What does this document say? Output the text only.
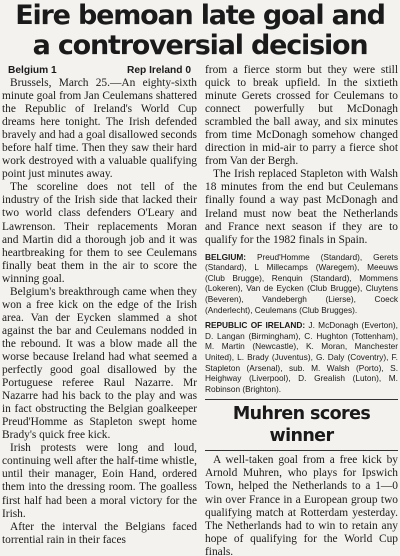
Eire bemoan late goal and
a controversial decision
Belgium 1	Rep Ireland 0

Brussels, March 25.—An eighty-sixth minute goal from Jan Ceulemans shattered the Republic of Ireland's World Cup dreams here tonight. The Irish defended bravely and had a goal disallowed seconds before half time. Then they saw their hard work destroyed with a valuable qualifying point just minutes away.

The scoreline does not tell of the industry of the Irish side that lacked their two world class defenders O'Leary and Lawrenson. Their replacements Moran and Martin did a thorough job and it was heartbreaking for them to see Ceulemans finally beat them in the air to score the winning goal.

Belgium's breakthrough came when they won a free kick on the edge of the Irish area. Van der Eycken slammed a shot against the bar and Ceulemans nodded in the rebound. It was a blow made all the worse because Ireland had what seemed a perfectly good goal disallowed by the Portuguese referee Raul Nazarre. Mr Nazarre had his back to the play and was in fact obstructing the Belgian goalkeeper Preud'Homme as Stapleton swept home Brady's quick free kick.

Irish protests were long and loud, continuing well after the half-time whistle, until their manager, Eoin Hand, ordered them into the dressing room. The goalless first half had been a moral victory for the Irish.

After the interval the Belgians faced torrential rain in their faces

from a fierce storm but they were still quick to break upfield. In the sixtieth minute Gerets crossed for Ceulemans to connect powerfully but McDonagh scrambled the ball away, and six minutes from time McDonagh somehow changed direction in mid-air to parry a fierce shot from Van der Bergh.

The Irish replaced Stapleton with Walsh 18 minutes from the end but Ceulemans finally found a way past McDonagh and Ireland must now beat the Netherlands and France next season if they are to qualify for the 1982 finals in Spain.

BELGIUM: Preud'Homme (Standard), Gerets (Standard), L Millecamps (Waregem), Meeuws (Club Brugge), Renquin (Standard), Mommens (Lokeren), Van de Eycken (Club Brugge), Cluytens (Beveren), Vandebergh (Lierse), Coeck (Anderlecht), Ceulemans (Club Brugges).

REPUBLIC OF IRELAND: J. McDonagh (Everton), D. Langan (Birmingham), C. Hughton (Tottenham), M. Martin (Newcastle), K. Moran, Manchester United), L. Brady (Juventus), G. Daly (Coventry), F. Stapleton (Arsenal), sub. M. Walsh (Porto), S. Heighway (Liverpool), D. Grealish (Luton), M. Robinson (Brighton).

Muhren scores winner

A well-taken goal from a free kick by Arnold Muhren, who plays for Ipswich Town, helped the Netherlands to a 1—0 win over France in a European group two qualifying match at Rotterdam yesterday. The Netherlands had to win to retain any hope of qualifying for the World Cup finals.
